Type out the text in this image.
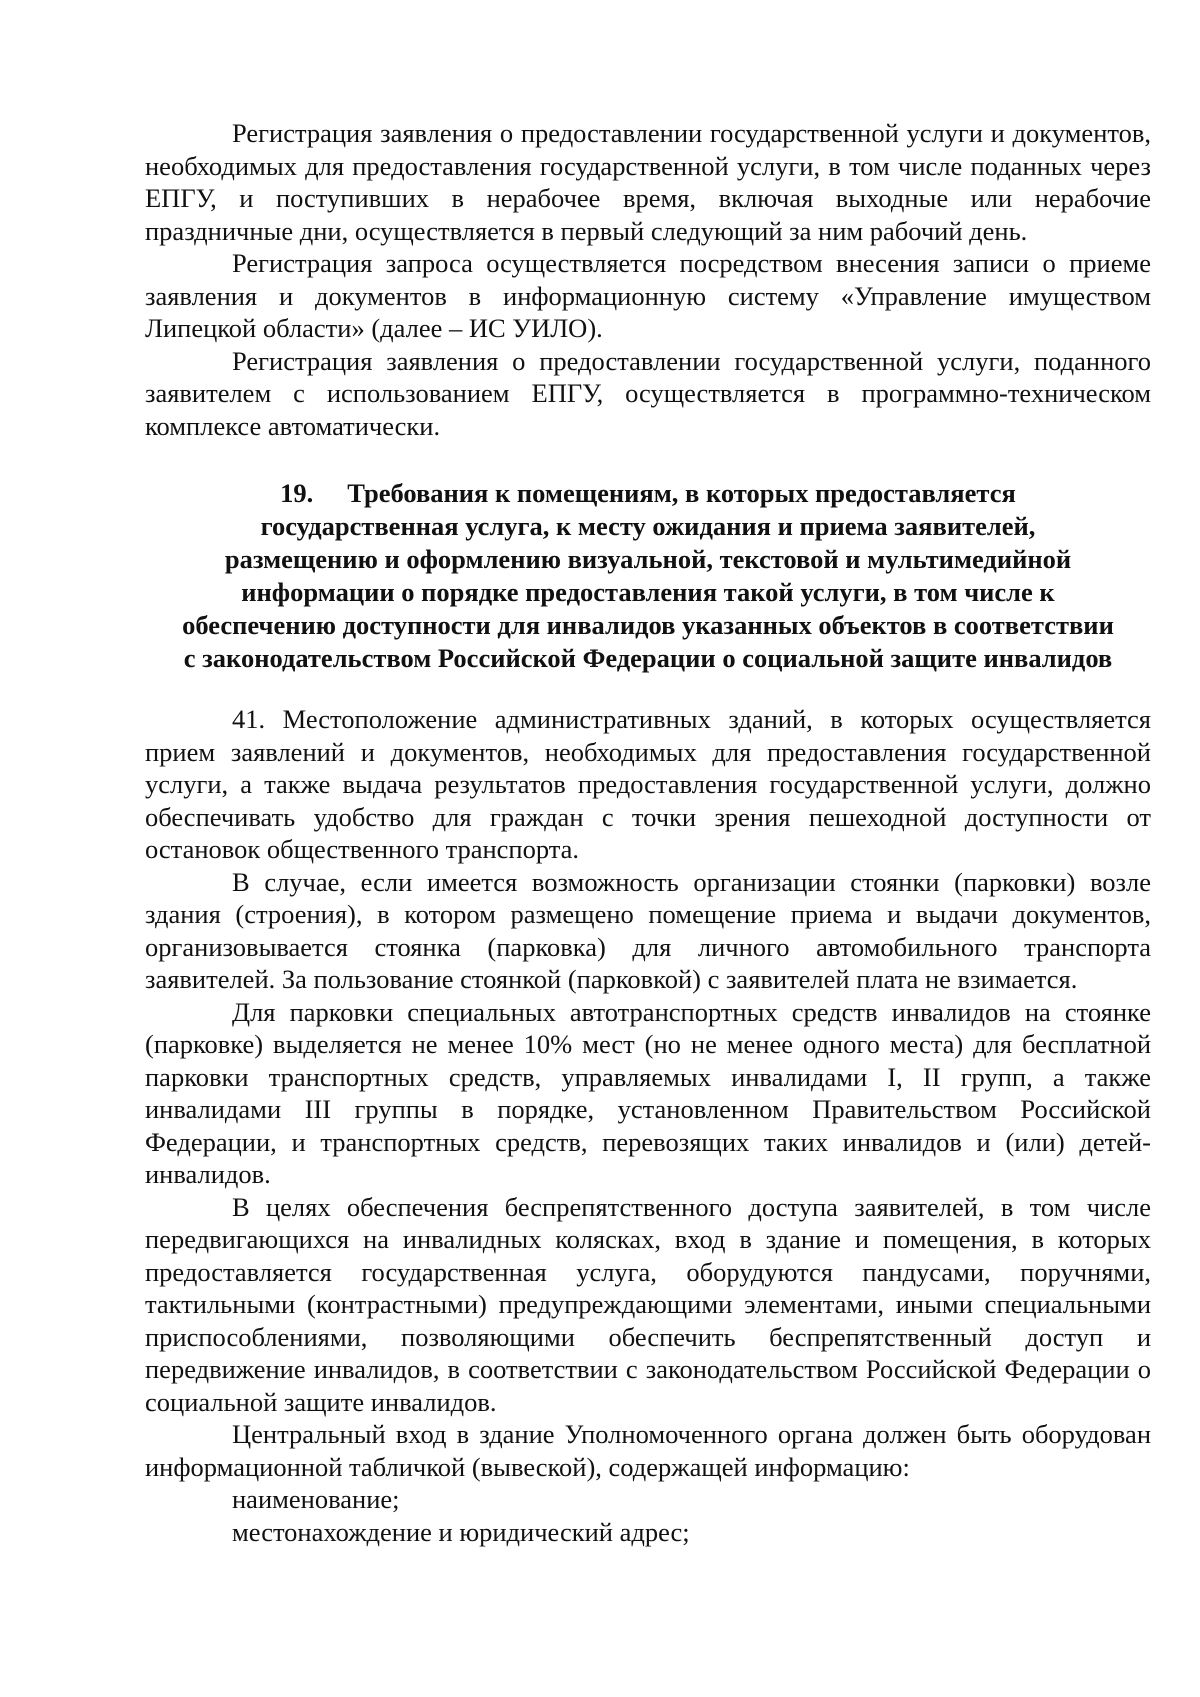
Регистрация заявления о предоставлении государственной услуги и документов, необходимых для предоставления государственной услуги, в том числе поданных через ЕПГУ, и поступивших в нерабочее время, включая выходные или нерабочие праздничные дни, осуществляется в первый следующий за ним рабочий день.

Регистрация запроса осуществляется посредством внесения записи о приеме заявления и документов в информационную систему «Управление имуществом Липецкой области» (далее – ИС УИЛО).

Регистрация заявления о предоставлении государственной услуги, поданного заявителем с использованием ЕПГУ, осуществляется в программно-техническом комплексе автоматически.

19. Требования к помещениям, в которых предоставляется
государственная услуга, к месту ожидания и приема заявителей,
размещению и оформлению визуальной, текстовой и мультимедийной
информации о порядке предоставления такой услуги, в том числе к
обеспечению доступности для инвалидов указанных объектов в соответствии
с законодательством Российской Федерации о социальной защите инвалидов

41. Местоположение административных зданий, в которых осуществляется прием заявлений и документов, необходимых для предоставления государственной услуги, а также выдача результатов предоставления государственной услуги, должно обеспечивать удобство для граждан с точки зрения пешеходной доступности от остановок общественного транспорта.

В случае, если имеется возможность организации стоянки (парковки) возле здания (строения), в котором размещено помещение приема и выдачи документов, организовывается стоянка (парковка) для личного автомобильного транспорта заявителей. За пользование стоянкой (парковкой) с заявителей плата не взимается.

Для парковки специальных автотранспортных средств инвалидов на стоянке (парковке) выделяется не менее 10% мест (но не менее одного места) для бесплатной парковки транспортных средств, управляемых инвалидами I, II групп, а также инвалидами III группы в порядке, установленном Правительством Российской Федерации, и транспортных средств, перевозящих таких инвалидов и (или) детей- инвалидов.

В целях обеспечения беспрепятственного доступа заявителей, в том числе передвигающихся на инвалидных колясках, вход в здание и помещения, в которых предоставляется государственная услуга, оборудуются пандусами, поручнями, тактильными (контрастными) предупреждающими элементами, иными специальными приспособлениями, позволяющими обеспечить беспрепятственный доступ и передвижение инвалидов, в соответствии с законодательством Российской Федерации о социальной защите инвалидов.

Центральный вход в здание Уполномоченного органа должен быть оборудован информационной табличкой (вывеской), содержащей информацию:

наименование;

местонахождение и юридический адрес;
